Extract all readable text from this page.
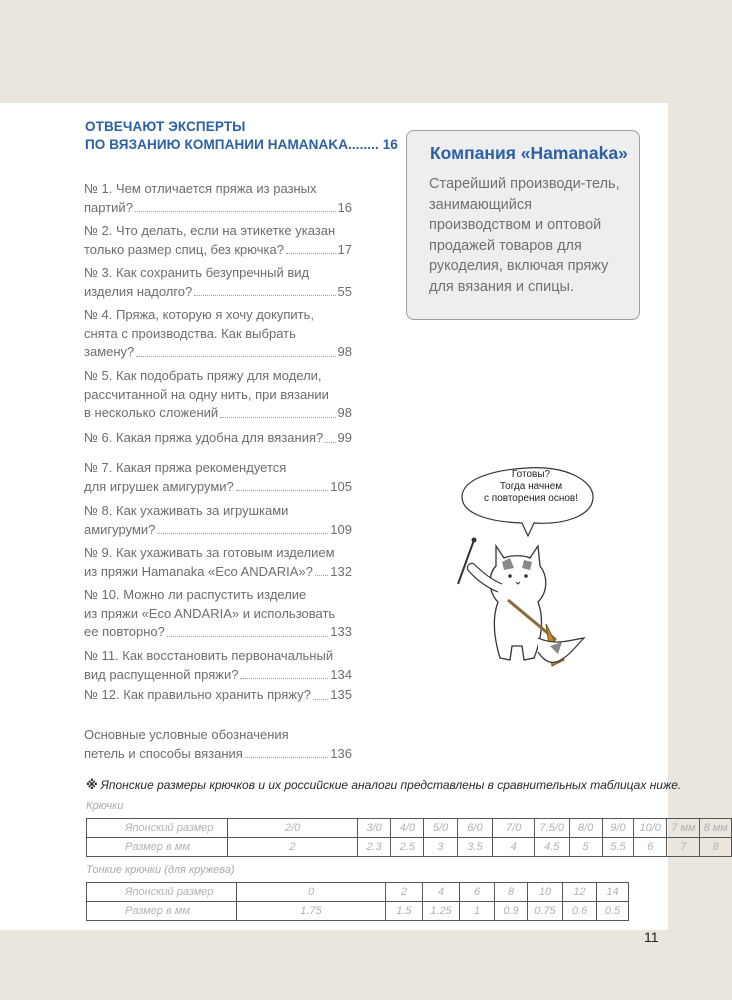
ОТВЕЧАЮТ ЭКСПЕРТЫ
ПО ВЯЗАНИЮ КОМПАНИИ HAMANAKA........ 16
№ 1. Чем отличается пряжа из разных
партий?	16
№ 2. Что делать, если на этикетке указан
только размер спиц, без крючка?	17
№ 3. Как сохранить безупречный вид
изделия надолго?	55
№ 4. Пряжа, которую я хочу докупить,
снята с производства. Как выбрать
замену?	98
№ 5. Как подобрать пряжу для модели,
рассчитанной на одну нить, при вязании
в несколько сложений	98
№ 6. Какая пряжа удобна для вязания? 99
№ 7. Какая пряжа рекомендуется
для игрушек амигуруми?	105
№ 8. Как ухаживать за игрушками
амигуруми?	109
№ 9. Как ухаживать за готовым изделием
из пряжи Hamanaka «Eco ANDARIA»? 132
№ 10. Можно ли распустить изделие
из пряжи «Eco ANDARIA» и использовать
ее повторно?	133
№ 11. Как восстановить первоначальный
вид распущенной пряжи?	134
№ 12. Как правильно хранить пряжу? 135
Основные условные обозначения
петель и способы вязания	136
Компания «Hamanaka»
Старейший производи-тель, занимающийся производством и оптовой продажей товаров для рукоделия, включая пряжу для вязания и спицы.
Готовы?
Тогда начнем
с повторения основ!
※ Японские размеры крючков и их российские аналоги представлены в сравнительных таблицах ниже.
Крючки
Японский размер	2/0	3/0	4/0	5/0	6/0	7/0	7.5/0	8/0	9/0	10/0	7 мм	8 мм
Размер в мм	2	2.3	2.5	3	3.5	4	4.5	5	5.5	6	7	8
Тонкие крючки (для кружева)
Японский размер	0	2	4	6	8	10	12	14
Размер в мм	1.75	1.5	1.25	1	0.9	0.75	0.6	0.5
11
